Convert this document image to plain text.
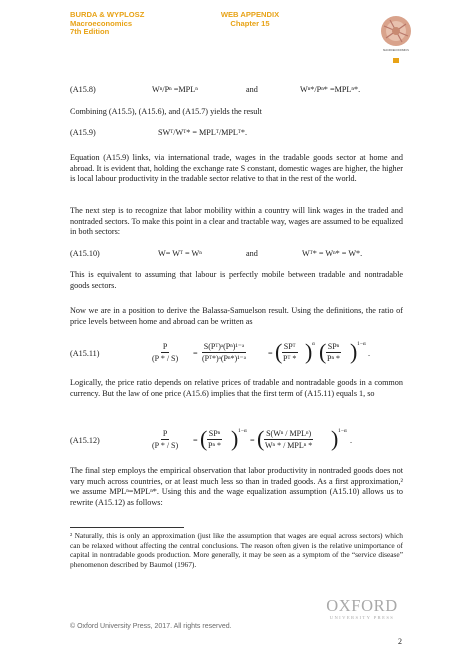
BURDA & WYPLOSZ
Macroeconomics
7th Edition
WEB APPENDIX
Chapter 15
MACROECONOMICS
(A15.8)	Wⁿ/Pⁿ =MPLⁿ	and	Wⁿ*/Pⁿ* =MPLⁿ*.

Combining (A15.5), (A15.6), and (A15.7) yields the result

(A15.9)	SWᵀ/Wᵀ* = MPLᵀ/MPLᵀ*.

Equation (A15.9) links, via international trade, wages in the tradable goods sector at home and abroad. It is evident that, holding the exchange rate S constant, domestic wages are higher, the higher is local labour productivity in the tradable sector relative to that in the rest of the world.

The next step is to recognize that labor mobility within a country will link wages in the traded and nontraded sectors. To make this point in a clear and tractable way, wages are assumed to be equalized in both sectors:

(A15.10)	W= Wᵀ = Wⁿ	and	Wᵀ* = Wⁿ* = W*.

This is equivalent to assuming that labour is perfectly mobile between tradable and nontradable goods sectors.

Now we are in a position to derive the Balassa-Samuelson result. Using the definitions, the ratio of price levels between home and abroad can be written as

(A15.11)	$\frac{P}{(P * / S)} = \frac{\text{S(Pᵀ)ᵃ(Pⁿ)¹⁻ᵃ}}{\text{(Pᵀ*)ᵃ(Pⁿ*)¹⁻ᵃ}}$ = ( SPᵀ
Pᵀ * ) α ( SPⁿ
Pⁿ * ) 1−α
.

Logically, the price ratio depends on relative prices of tradable and nontradable goods in a common currency. But the law of one price (A15.6) implies that the first term of (A15.11) equals 1, so

(A15.12)	$\frac{P}{(P * / S)}$ = ( SPⁿ
Pⁿ * ) 1−α
= ( S(Wⁿ / MPLⁿ)
Wⁿ * / MPLⁿ * ) 1−α
.

The final step employs the empirical observation that labor productivity in nontraded goods does not vary much across countries, or at least much less so than in traded goods. As a first approximation,² we assume MPLⁿ=MPLⁿ*. Using this and the wage equalization assumption (A15.10) allows us to rewrite (A15.12) as follows:

² Naturally, this is only an approximation (just like the assumption that wages are equal across sectors) which can be relaxed without affecting the central conclusions. The reason often given is the relative unimportance of capital in nontradable goods production. More generally, it may be seen as a symptom of the “service disease” phenomenon described by Baumol (1967).

OXFORD
UNIVERSITY PRESS
© Oxford University Press, 2017. All rights reserved.
2
